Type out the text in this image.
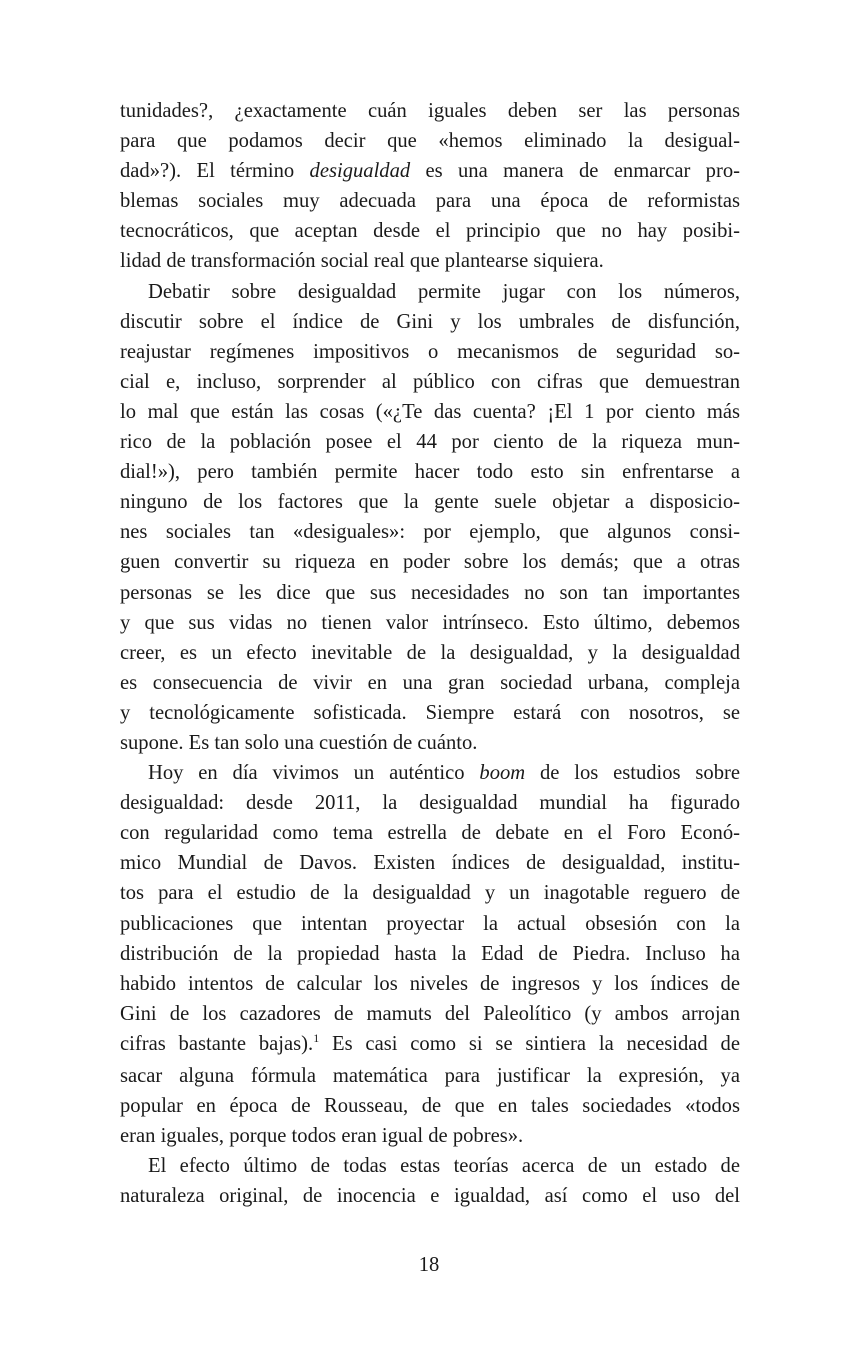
tunidades?, ¿exactamente cuán iguales deben ser las personas
para que podamos decir que «hemos eliminado la desigual-
dad»?). El término desigualdad es una manera de enmarcar pro-
blemas sociales muy adecuada para una época de reformistas
tecnocráticos, que aceptan desde el principio que no hay posibi-
lidad de transformación social real que plantearse siquiera.
Debatir sobre desigualdad permite jugar con los números,
discutir sobre el índice de Gini y los umbrales de disfunción,
reajustar regímenes impositivos o mecanismos de seguridad so-
cial e, incluso, sorprender al público con cifras que demuestran
lo mal que están las cosas («¿Te das cuenta? ¡El 1 por ciento más
rico de la población posee el 44 por ciento de la riqueza mun-
dial!»), pero también permite hacer todo esto sin enfrentarse a
ninguno de los factores que la gente suele objetar a disposicio-
nes sociales tan «desiguales»: por ejemplo, que algunos consi-
guen convertir su riqueza en poder sobre los demás; que a otras
personas se les dice que sus necesidades no son tan importantes
y que sus vidas no tienen valor intrínseco. Esto último, debemos
creer, es un efecto inevitable de la desigualdad, y la desigualdad
es consecuencia de vivir en una gran sociedad urbana, compleja
y tecnológicamente sofisticada. Siempre estará con nosotros, se
supone. Es tan solo una cuestión de cuánto.
Hoy en día vivimos un auténtico boom de los estudios sobre
desigualdad: desde 2011, la desigualdad mundial ha figurado
con regularidad como tema estrella de debate en el Foro Econó-
mico Mundial de Davos. Existen índices de desigualdad, institu-
tos para el estudio de la desigualdad y un inagotable reguero de
publicaciones que intentan proyectar la actual obsesión con la
distribución de la propiedad hasta la Edad de Piedra. Incluso ha
habido intentos de calcular los niveles de ingresos y los índices de
Gini de los cazadores de mamuts del Paleolítico (y ambos arrojan
cifras bastante bajas).$^1$ Es casi como si se sintiera la necesidad de
sacar alguna fórmula matemática para justificar la expresión, ya
popular en época de Rousseau, de que en tales sociedades «todos
eran iguales, porque todos eran igual de pobres».
El efecto último de todas estas teorías acerca de un estado de
naturaleza original, de inocencia e igualdad, así como el uso del
18
